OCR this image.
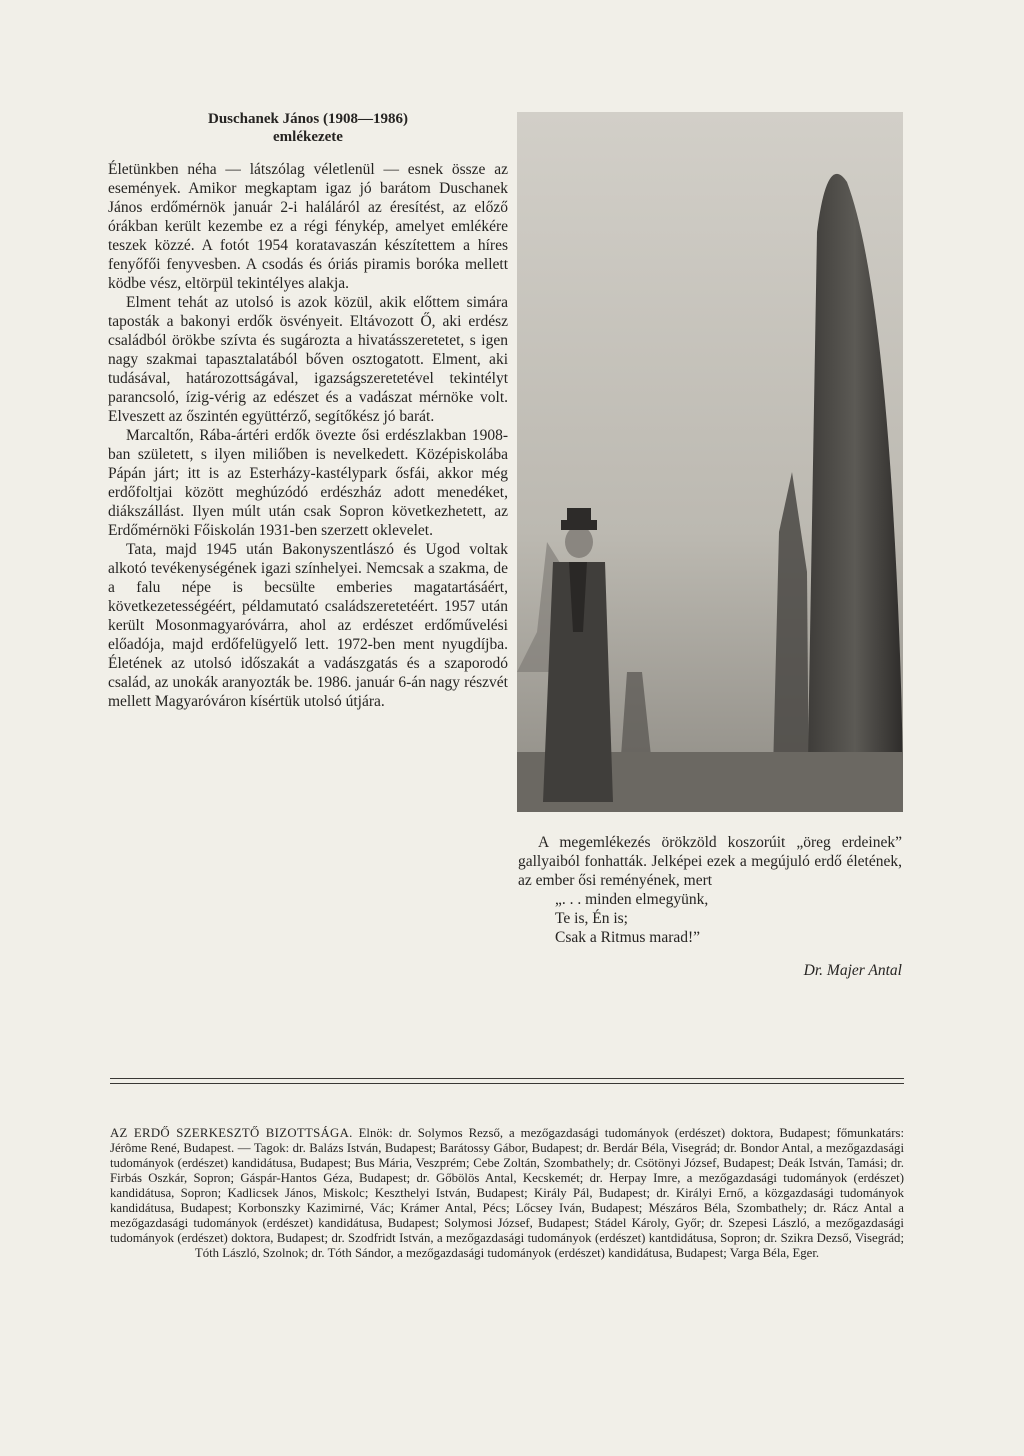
Duschanek János (1908—1986)
emlékezete

Életünkben néha — látszólag véletlenül — esnek össze az események. Amikor megkaptam igaz jó barátom Duschanek János erdőmérnök január 2-i haláláról az éresítést, az előző órákban került kezembe ez a régi fénykép, amelyet emlékére teszek közzé. A fotót 1954 koratavaszán készítettem a híres fenyőfői fenyvesben. A csodás és óriás piramis boróka mellett ködbe vész, eltörpül tekintélyes alakja.

Elment tehát az utolsó is azok közül, akik előttem simára taposták a bakonyi erdők ösvényeit. Eltávozott Ő, aki erdész családból örökbe szívta és sugározta a hivatásszeretetet, s igen nagy szakmai tapasztalatából bőven osztogatott. Elment, aki tudásával, határozottságával, igazságszeretetével tekintélyt parancsoló, ízig-vérig az edészet és a vadászat mérnöke volt. Elveszett az őszintén együttérző, segítőkész jó barát.

Marcaltőn, Rába-ártéri erdők övezte ősi erdészlakban 1908-ban született, s ilyen miliőben is nevelkedett. Középiskolába Pápán járt; itt is az Esterházy-kastélypark ősfái, akkor még erdőfoltjai között meghúzódó erdészház adott menedéket, diákszállást. Ilyen múlt után csak Sopron következhetett, az Erdőmérnöki Főiskolán 1931-ben szerzett oklevelet.

Tata, majd 1945 után Bakonyszentlászó és Ugod voltak alkotó tevékenységének igazi színhelyei. Nemcsak a szakma, de a falu népe is becsülte emberies magatartásáért, következetességéért, példamutató családszeretetéért. 1957 után került Mosonmagyaróvárra, ahol az erdészet erdőművelési előadója, majd erdőfelügyelő lett. 1972-ben ment nyugdíjba. Életének az utolsó időszakát a vadászgatás és a szaporodó család, az unokák aranyozták be. 1986. január 6-án nagy részvét mellett Magyaróváron kísértük utolsó útjára.

A megemlékezés örökzöld koszorúit „öreg erdeinek” gallyaiból fonhatták. Jelképei ezek a megújuló erdő életének, az ember ősi reményének, mert

„. . . minden elmegyünk,

Te is, Én is;

Csak a Ritmus marad!”

Dr. Majer Antal

AZ ERDŐ SZERKESZTŐ BIZOTTSÁGA. Elnök: dr. Solymos Rezső, a mezőgazdasági tudományok (erdészet) doktora, Budapest; főmunkatárs: Jérôme René, Budapest. — Tagok: dr. Balázs István, Budapest; Barátossy Gábor, Budapest; dr. Berdár Béla, Visegrád; dr. Bondor Antal, a mezőgazdasági tudományok (erdészet) kandidátusa, Budapest; Bus Mária, Veszprém; Cebe Zoltán, Szombathely; dr. Csötönyi József, Budapest; Deák István, Tamási; dr. Firbás Oszkár, Sopron; Gáspár-Hantos Géza, Budapest; dr. Gőbölös Antal, Kecskemét; dr. Herpay Imre, a mezőgazdasági tudományok (erdészet) kandidátusa, Sopron; Kadlicsek János, Miskolc; Keszthelyi István, Budapest; Király Pál, Budapest; dr. Királyi Ernő, a közgazdasági tudományok kandidátusa, Budapest; Korbonszky Kazimirné, Vác; Krámer Antal, Pécs; Lőcsey Iván, Budapest; Mészáros Béla, Szombathely; dr. Rácz Antal a mezőgazdasági tudományok (erdészet) kandidátusa, Budapest; Solymosi József, Budapest; Stádel Károly, Győr; dr. Szepesi László, a mezőgazdasági tudományok (erdészet) doktora, Budapest; dr. Szodfridt István, a mezőgazdasági tudományok (erdészet) kantdidátusa, Sopron; dr. Szikra Dezső, Visegrád; Tóth László, Szolnok; dr. Tóth Sándor, a mezőgazdasági tudományok (erdészet) kandidátusa, Budapest; Varga Béla, Eger.
